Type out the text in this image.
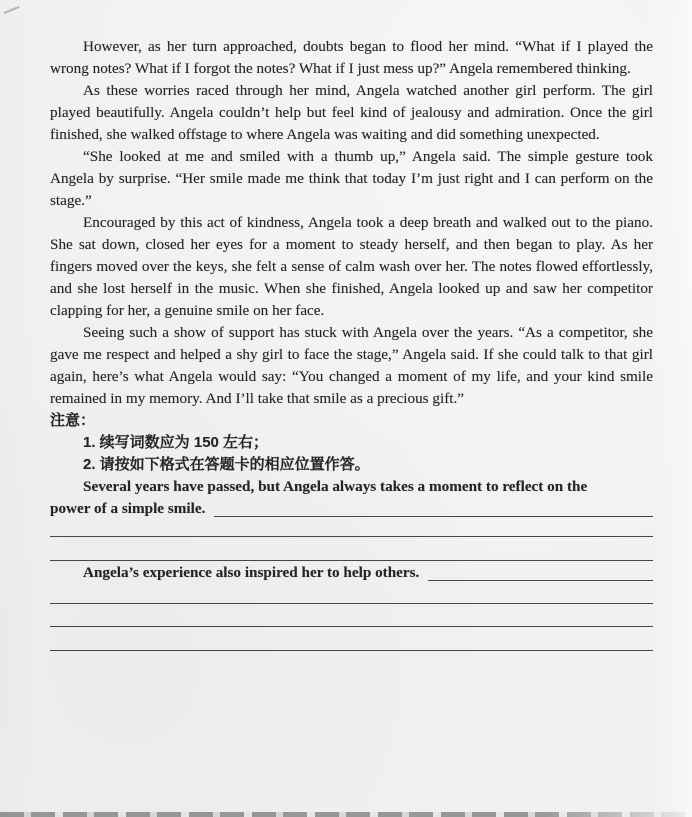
However, as her turn approached, doubts began to flood her mind. “What if I played the wrong notes? What if I forgot the notes? What if I just mess up?” Angela remembered thinking.

As these worries raced through her mind, Angela watched another girl perform. The girl played beautifully. Angela couldn’t help but feel kind of jealousy and admiration. Once the girl finished, she walked offstage to where Angela was waiting and did something unexpected.

“She looked at me and smiled with a thumb up,” Angela said. The simple gesture took Angela by surprise. “Her smile made me think that today I’m just right and I can perform on the stage.”

Encouraged by this act of kindness, Angela took a deep breath and walked out to the piano. She sat down, closed her eyes for a moment to steady herself, and then began to play. As her fingers moved over the keys, she felt a sense of calm wash over her. The notes flowed effortlessly, and she lost herself in the music. When she finished, Angela looked up and saw her competitor clapping for her, a genuine smile on her face.

Seeing such a show of support has stuck with Angela over the years. “As a competitor, she gave me respect and helped a shy girl to face the stage,” Angela said. If she could talk to that girl again, here’s what Angela would say: “You changed a moment of my life, and your kind smile remained in my memory. And I’ll take that smile as a precious gift.”

注意：

1. 续写词数应为 150 左右；

2. 请按如下格式在答题卡的相应位置作答。

Several years have passed, but Angela always takes a moment to reflect on the

power of a simple smile.
Angela’s experience also inspired her to help others.
